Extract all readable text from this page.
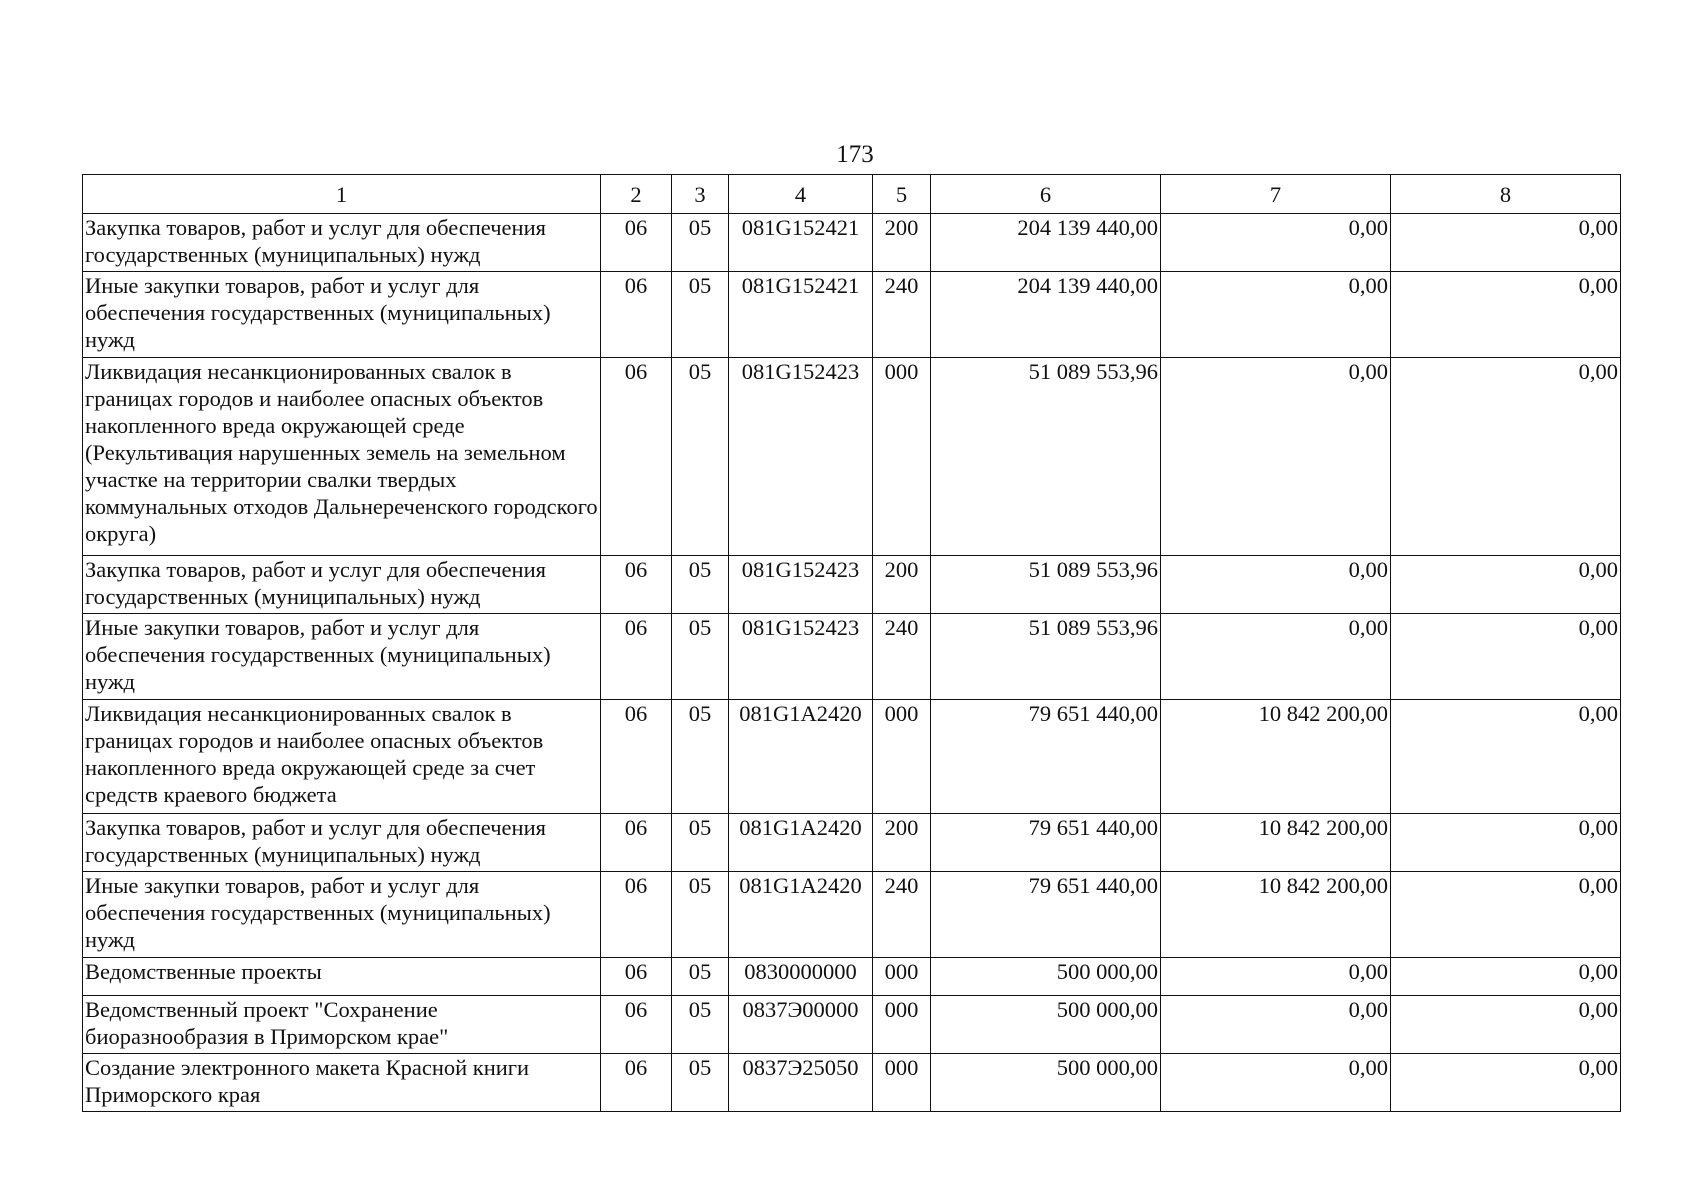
173
1	2	3	4	5	6	7	8
Закупка товаров, работ и услуг для обеспечения государственных (муниципальных) нужд	06	05	081G152421	200	204 139 440,00	0,00	0,00
Иные закупки товаров, работ и услуг для обеспечения государственных (муниципальных) нужд	06	05	081G152421	240	204 139 440,00	0,00	0,00
Ликвидация несанкционированных свалок в границах городов и наиболее опасных объектов накопленного вреда окружающей среде (Рекультивация нарушенных земель на земельном участке на территории свалки твердых коммунальных отходов Дальнереченского городского округа)	06	05	081G152423	000	51 089 553,96	0,00	0,00
Закупка товаров, работ и услуг для обеспечения государственных (муниципальных) нужд	06	05	081G152423	200	51 089 553,96	0,00	0,00
Иные закупки товаров, работ и услуг для обеспечения государственных (муниципальных) нужд	06	05	081G152423	240	51 089 553,96	0,00	0,00
Ликвидация несанкционированных свалок в границах городов и наиболее опасных объектов накопленного вреда окружающей среде за счет средств краевого бюджета	06	05	081G1A2420	000	79 651 440,00	10 842 200,00	0,00
Закупка товаров, работ и услуг для обеспечения государственных (муниципальных) нужд	06	05	081G1A2420	200	79 651 440,00	10 842 200,00	0,00
Иные закупки товаров, работ и услуг для обеспечения государственных (муниципальных) нужд	06	05	081G1A2420	240	79 651 440,00	10 842 200,00	0,00
Ведомственные проекты	06	05	0830000000	000	500 000,00	0,00	0,00
Ведомственный проект "Сохранение биоразнообразия в Приморском крае"	06	05	0837Э00000	000	500 000,00	0,00	0,00
Создание электронного макета Красной книги Приморского края	06	05	0837Э25050	000	500 000,00	0,00	0,00
